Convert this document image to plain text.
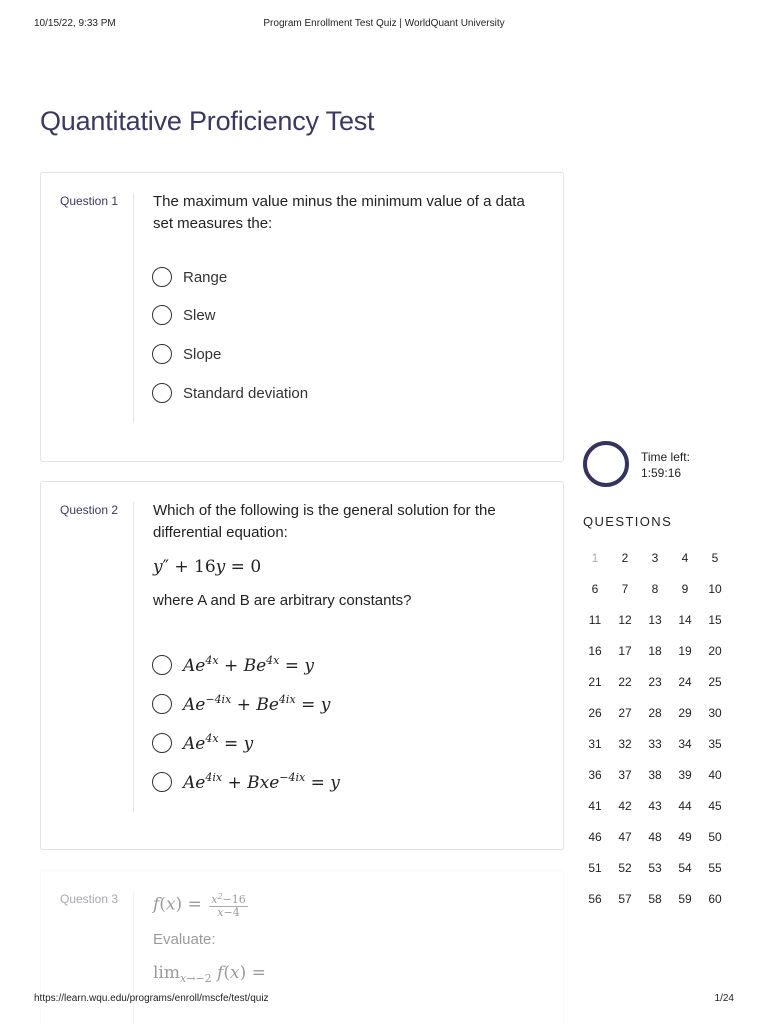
10/15/22, 9:33 PM	Program Enrollment Test Quiz | WorldQuant University
Quantitative Proficiency Test
Question 1 The maximum value minus the minimum value of a data set measures the:
Range
Slew
Slope
Standard deviation
Question 2 Which of the following is the general solution for the differential equation:
y″ + 16y = 0
where A and B are arbitrary constants?
$Ae^{4x} + Be^{4x} = y$
$Ae^{-4ix} + Be^{4ix} = y$
$Ae^{4x} = y$
$Ae^{4ix} + Bxe^{-4ix} = y$
Question 3 $f(x) = \frac{x^2-16}{x-4}$
Evaluate:
$\lim_{x\to-2} f(x)$ =
Time left:
1:59:16
QUESTIONS
1	2	3	4	5
6	7	8	9	10
11	12	13	14	15
16	17	18	19	20
21	22	23	24	25
26	27	28	29	30
31	32	33	34	35
36	37	38	39	40
41	42	43	44	45
46	47	48	49	50
51	52	53	54	55
56	57	58	59	60
https://learn.wqu.edu/programs/enroll/mscfe/test/quiz	1/24
